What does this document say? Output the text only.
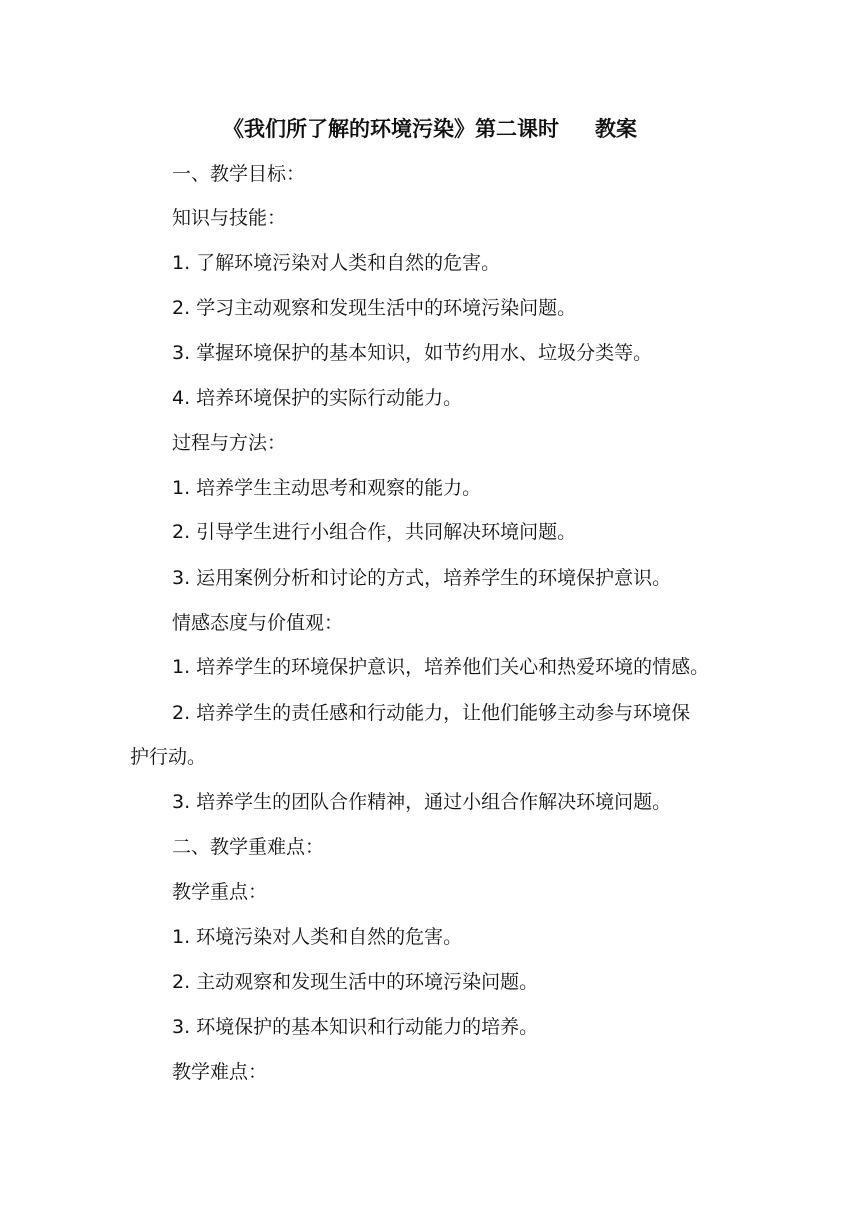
《我们所了解的环境污染》第二课时 教案
一、教学目标：
知识与技能：
1. 了解环境污染对人类和自然的危害。
2. 学习主动观察和发现生活中的环境污染问题。
3. 掌握环境保护的基本知识，如节约用水、垃圾分类等。
4. 培养环境保护的实际行动能力。
过程与方法：
1. 培养学生主动思考和观察的能力。
2. 引导学生进行小组合作，共同解决环境问题。
3. 运用案例分析和讨论的方式，培养学生的环境保护意识。
情感态度与价值观：
1. 培养学生的环境保护意识，培养他们关心和热爱环境的情感。
2. 培养学生的责任感和行动能力，让他们能够主动参与环境保
护行动。
3. 培养学生的团队合作精神，通过小组合作解决环境问题。
二、教学重难点：
教学重点：
1. 环境污染对人类和自然的危害。
2. 主动观察和发现生活中的环境污染问题。
3. 环境保护的基本知识和行动能力的培养。
教学难点：
